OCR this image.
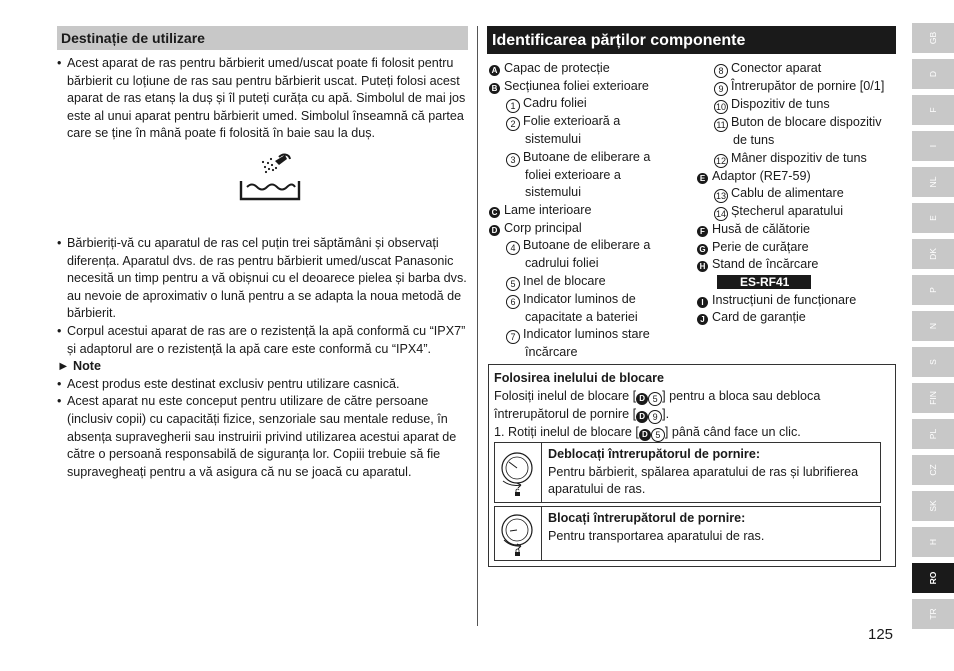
Destinație de utilizare
• Acest aparat de ras pentru bărbierit umed/uscat poate fi folosit pentru bărbierit cu loțiune de ras sau pentru bărbierit uscat. Puteți folosi acest aparat de ras etanș la duș și îl puteți curăța cu apă. Simbolul de mai jos este al unui aparat pentru bărbierit umed. Simbolul înseamnă că partea care se ține în mână poate fi folosită în baie sau la duș.
• Bărbieriți-vă cu aparatul de ras cel puțin trei săptămâni și observați diferența. Aparatul dvs. de ras pentru bărbierit umed/uscat Panasonic necesită un timp pentru a vă obișnui cu el deoarece pielea și barba dvs. au nevoie de aproximativ o lună pentru a se adapta la noua metodă de bărbierit.
• Corpul acestui aparat de ras are o rezistență la apă conformă cu “IPX7” și adaptorul are o rezistență la apă care este conformă cu “IPX4”.
► Note
• Acest produs este destinat exclusiv pentru utilizare casnică.
• Acest aparat nu este conceput pentru utilizare de către persoane (inclusiv copii) cu capacități fizice, senzoriale sau mentale reduse, în absența supravegherii sau instruirii privind utilizarea acestui aparat de către o persoană responsabilă de siguranța lor. Copiii trebuie să fie supravegheați pentru a vă asigura că nu se joacă cu aparatul.
Identificarea părților componente
A Capac de protecție
B Secțiunea foliei exterioare
1 Cadru foliei
2 Folie exterioară a
sistemului
3 Butoane de eliberare a
foliei exterioare a
sistemului
C Lame interioare
D Corp principal
4 Butoane de eliberare a
cadrului foliei
5 Inel de blocare
6 Indicator luminos de
capacitate a bateriei
7 Indicator luminos stare
încărcare
8 Conector aparat
9 Întrerupător de pornire [0/1]
10 Dispozitiv de tuns
11 Buton de blocare dispozitiv
de tuns
12 Mâner dispozitiv de tuns
E Adaptor (RE7-59)
13 Cablu de alimentare
14 Ștecherul aparatului
F Husă de călătorie
G Perie de curățare
H Stand de încărcare
ES-RF41
I Instrucțiuni de funcționare
J Card de garanție
Folosirea inelului de blocare
Folosiți inelul de blocare [ D 5 ] pentru a bloca sau debloca
întrerupătorul de pornire [ D 9 ].
1. Rotiți inelul de blocare [ D 5 ] până când face un clic.
Deblocați întrerupătorul de pornire:
Pentru bărbierit, spălarea aparatului de ras și lubrifierea aparatului de ras.
Blocați întrerupătorul de pornire:
Pentru transportarea aparatului de ras.
GB
D
F
I
NL
E
DK
P
N
S
FIN
PL
CZ
SK
H
RO
TR
125
